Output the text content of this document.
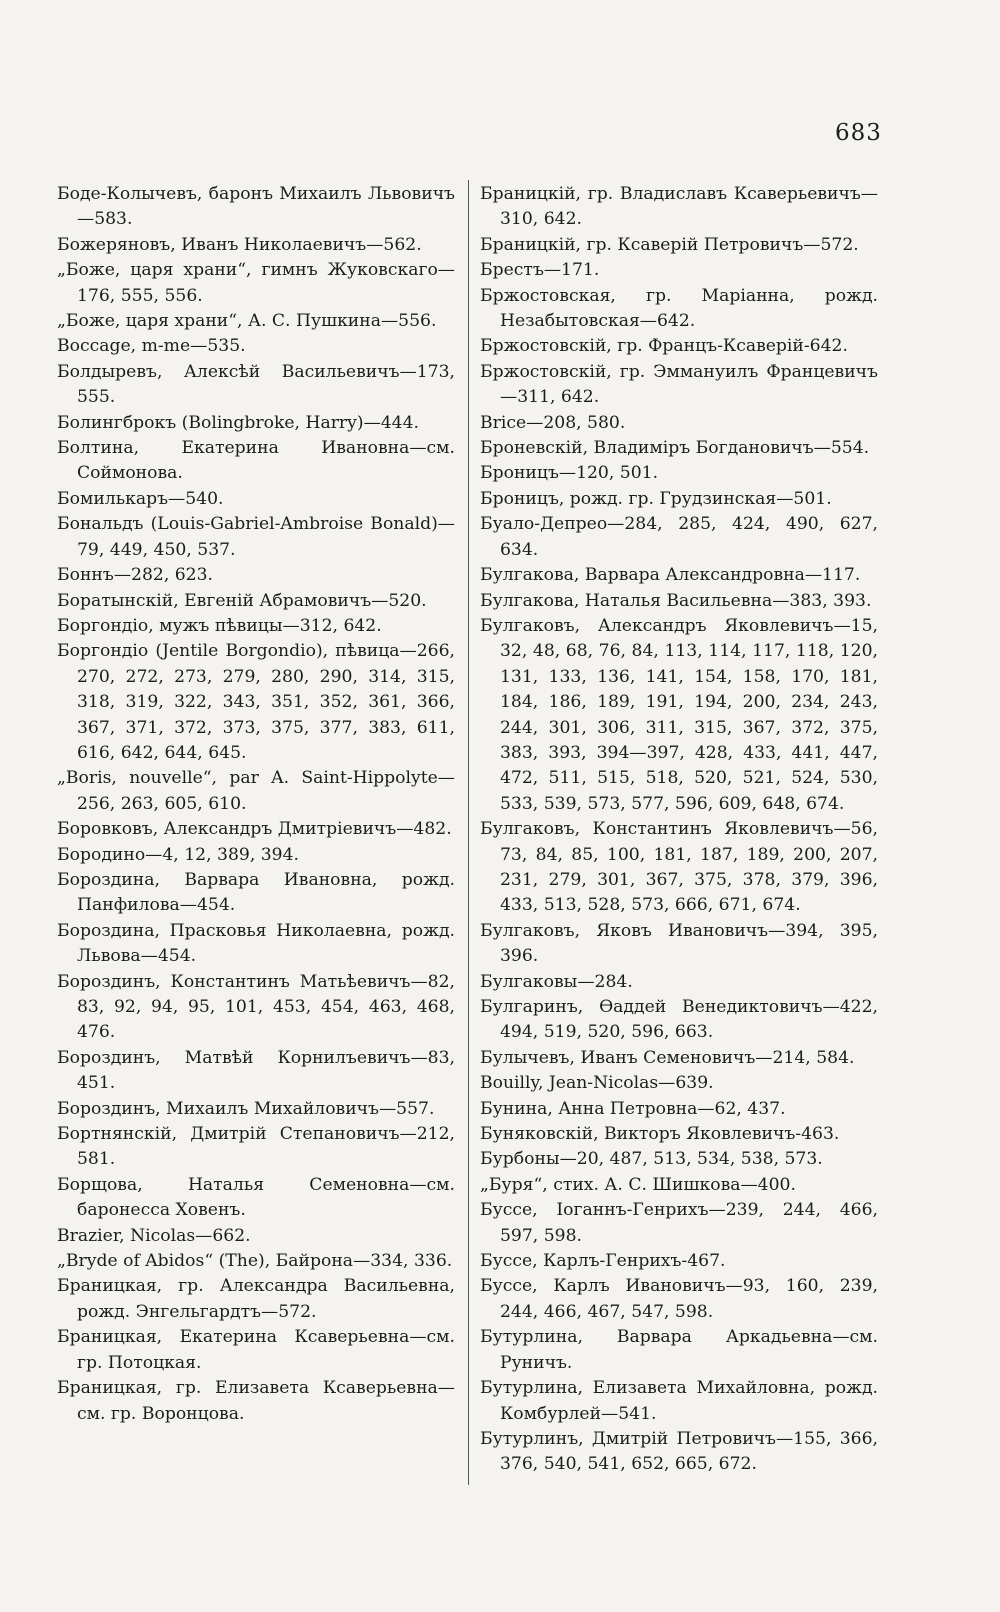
683

Боде-Колычевъ, баронъ Михаилъ Львовичъ—583.

Божеряновъ, Иванъ Николаевичъ—562.

„Боже, царя храни“, гимнъ Жуковскаго—176, 555, 556.

„Боже, царя храни“, А. С. Пушкина—556.

Boccage, m-me—535.

Болдыревъ, Алексѣй Васильевичъ—173, 555.

Болингброкъ (Bolingbroke, Harry)—444.

Болтина, Екатерина Ивановна—см. Соймонова.

Бомилькаръ—540.

Бональдъ (Louis-Gabriel-Ambroise Bonald)—79, 449, 450, 537.

Боннъ—282, 623.

Боратынскій, Евгеній Абрамовичъ—520.

Боргондіо, мужъ пѣвицы—312, 642.

Боргондіо (Jentile Borgondio), пѣвица—266, 270, 272, 273, 279, 280, 290, 314, 315, 318, 319, 322, 343, 351, 352, 361, 366, 367, 371, 372, 373, 375, 377, 383, 611, 616, 642, 644, 645.

„Boris, nouvelle“, par A. Saint-Hippolyte—256, 263, 605, 610.

Боровковъ, Александръ Дмитріевичъ—482.

Бородино—4, 12, 389, 394.

Бороздина, Варвара Ивановна, рожд. Панфилова—454.

Бороздина, Прасковья Николаевна, рожд. Львова—454.

Бороздинъ, Константинъ Матьѣевичъ—82, 83, 92, 94, 95, 101, 453, 454, 463, 468, 476.

Бороздинъ, Матвѣй Корнилъевичъ—83, 451.

Бороздинъ, Михаилъ Михайловичъ—557.

Бортнянскій, Дмитрій Степановичъ—212, 581.

Борщова, Наталья Семеновна—см. баронесса Ховенъ.

Brazier, Nicolas—662.

„Bryde of Abidos“ (The), Байрона—334, 336.

Браницкая, гр. Александра Васильевна, рожд. Энгельгардтъ—572.

Браницкая, Екатерина Ксаверьевна—см. гр. Потоцкая.

Браницкая, гр. Елизавета Ксаверьевна—см. гр. Воронцова.

Браницкій, гр. Владиславъ Ксаверьевичъ—310, 642.

Браницкій, гр. Ксаверій Петровичъ—572.

Брестъ—171.

Бржостовская, гр. Маріанна, рожд. Незабытовская—642.

Бржостовскій, гр. Францъ-Ксаверій-642.

Бржостовскій, гр. Эммануилъ Францевичъ—311, 642.

Brice—208, 580.

Броневскій, Владиміръ Богдановичъ—554.

Броницъ—120, 501.

Броницъ, рожд. гр. Грудзинская—501.

Буало-Депрео—284, 285, 424, 490, 627, 634.

Булгакова, Варвара Александровна—117.

Булгакова, Наталья Васильевна—383, 393.

Булгаковъ, Александръ Яковлевичъ—15, 32, 48, 68, 76, 84, 113, 114, 117, 118, 120, 131, 133, 136, 141, 154, 158, 170, 181, 184, 186, 189, 191, 194, 200, 234, 243, 244, 301, 306, 311, 315, 367, 372, 375, 383, 393, 394—397, 428, 433, 441, 447, 472, 511, 515, 518, 520, 521, 524, 530, 533, 539, 573, 577, 596, 609, 648, 674.

Булгаковъ, Константинъ Яковлевичъ—56, 73, 84, 85, 100, 181, 187, 189, 200, 207, 231, 279, 301, 367, 375, 378, 379, 396, 433, 513, 528, 573, 666, 671, 674.

Булгаковъ, Яковъ Ивановичъ—394, 395, 396.

Булгаковы—284.

Булгаринъ, Ѳаддей Венедиктовичъ—422, 494, 519, 520, 596, 663.

Булычевъ, Иванъ Семеновичъ—214, 584.

Bouilly, Jean-Nicolas—639.

Бунина, Анна Петровна—62, 437.

Буняковскій, Викторъ Яковлевичъ-463.

Бурбоны—20, 487, 513, 534, 538, 573.

„Буря“, стих. А. С. Шишкова—400.

Буссе, Іоганнъ-Генрихъ—239, 244, 466, 597, 598.

Буссе, Карлъ-Генрихъ-467.

Буссе, Карлъ Ивановичъ—93, 160, 239, 244, 466, 467, 547, 598.

Бутурлина, Варвара Аркадьевна—см. Руничъ.

Бутурлина, Елизавета Михайловна, рожд. Комбурлей—541.

Бутурлинъ, Дмитрій Петровичъ—155, 366, 376, 540, 541, 652, 665, 672.
